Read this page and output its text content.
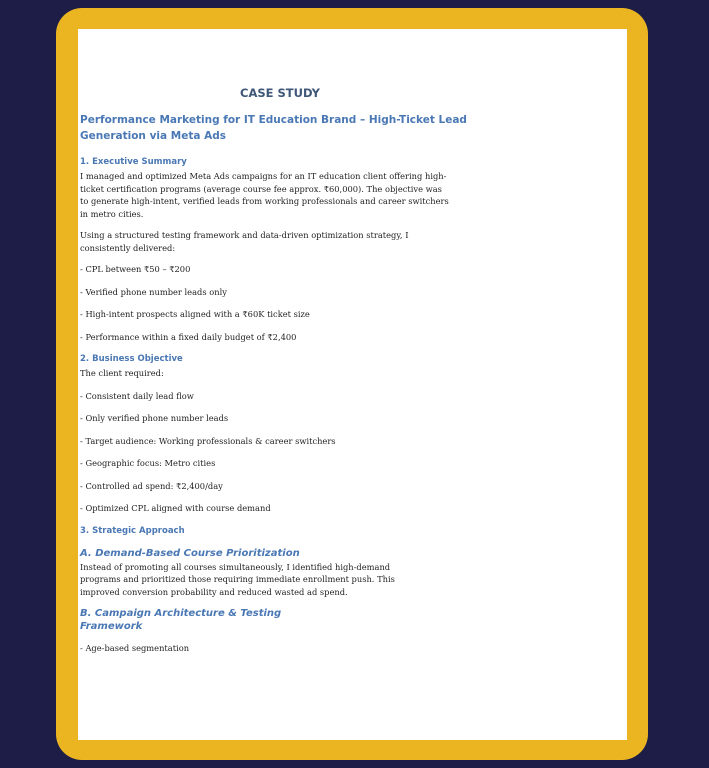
CASE STUDY
Performance Marketing for IT Education Brand – High-Ticket Lead Generation via Meta Ads
1. Executive Summary
I managed and optimized Meta Ads campaigns for an IT education client offering high-ticket certification programs (average course fee approx. ₹60,000). The objective was to generate high-intent, verified leads from working professionals and career switchers in metro cities.
Using a structured testing framework and data-driven optimization strategy, I consistently delivered:
- CPL between ₹50 – ₹200
- Verified phone number leads only
- High-intent prospects aligned with a ₹60K ticket size
- Performance within a fixed daily budget of ₹2,400
2. Business Objective
The client required:
- Consistent daily lead flow
- Only verified phone number leads
- Target audience: Working professionals & career switchers
- Geographic focus: Metro cities
- Controlled ad spend: ₹2,400/day
- Optimized CPL aligned with course demand
3. Strategic Approach
A. Demand-Based Course Prioritization
Instead of promoting all courses simultaneously, I identified high-demand programs and prioritized those requiring immediate enrollment push. This improved conversion probability and reduced wasted ad spend.
B. Campaign Architecture & Testing Framework
- Age-based segmentation
